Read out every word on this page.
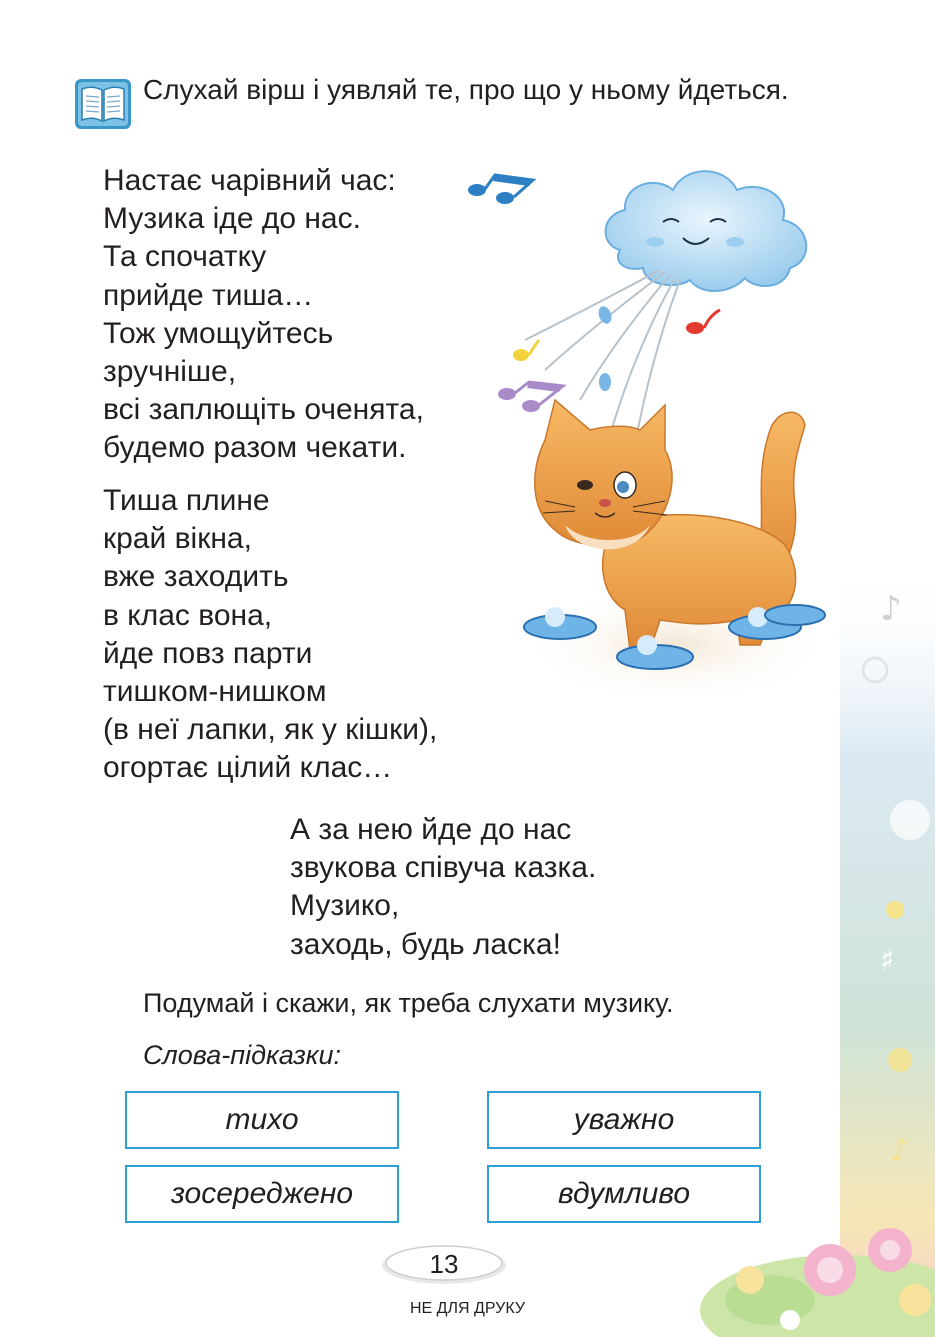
♯
♪
♪
Слухай вірш і уявляй те, про що у ньому йдеться.
Настає чарівний час:
Музика іде до нас.
Та спочатку
прийде тиша…
Тож умощуйтесь
зручніше,
всі заплющіть оченята,
будемо разом чекати.
Тиша плине
край вікна,
вже заходить
в клас вона,
йде повз парти
тишком-нишком
(в неї лапки, як у кішки),
огортає цілий клас…
А за нею йде до нас
звукова співуча казка.
Музико,
заходь, будь ласка!
Подумай і скажи, як треба слухати музику.
Слова-підказки:
тихо	уважно
зосереджено	вдумливо
13
НЕ ДЛЯ ДРУКУ
